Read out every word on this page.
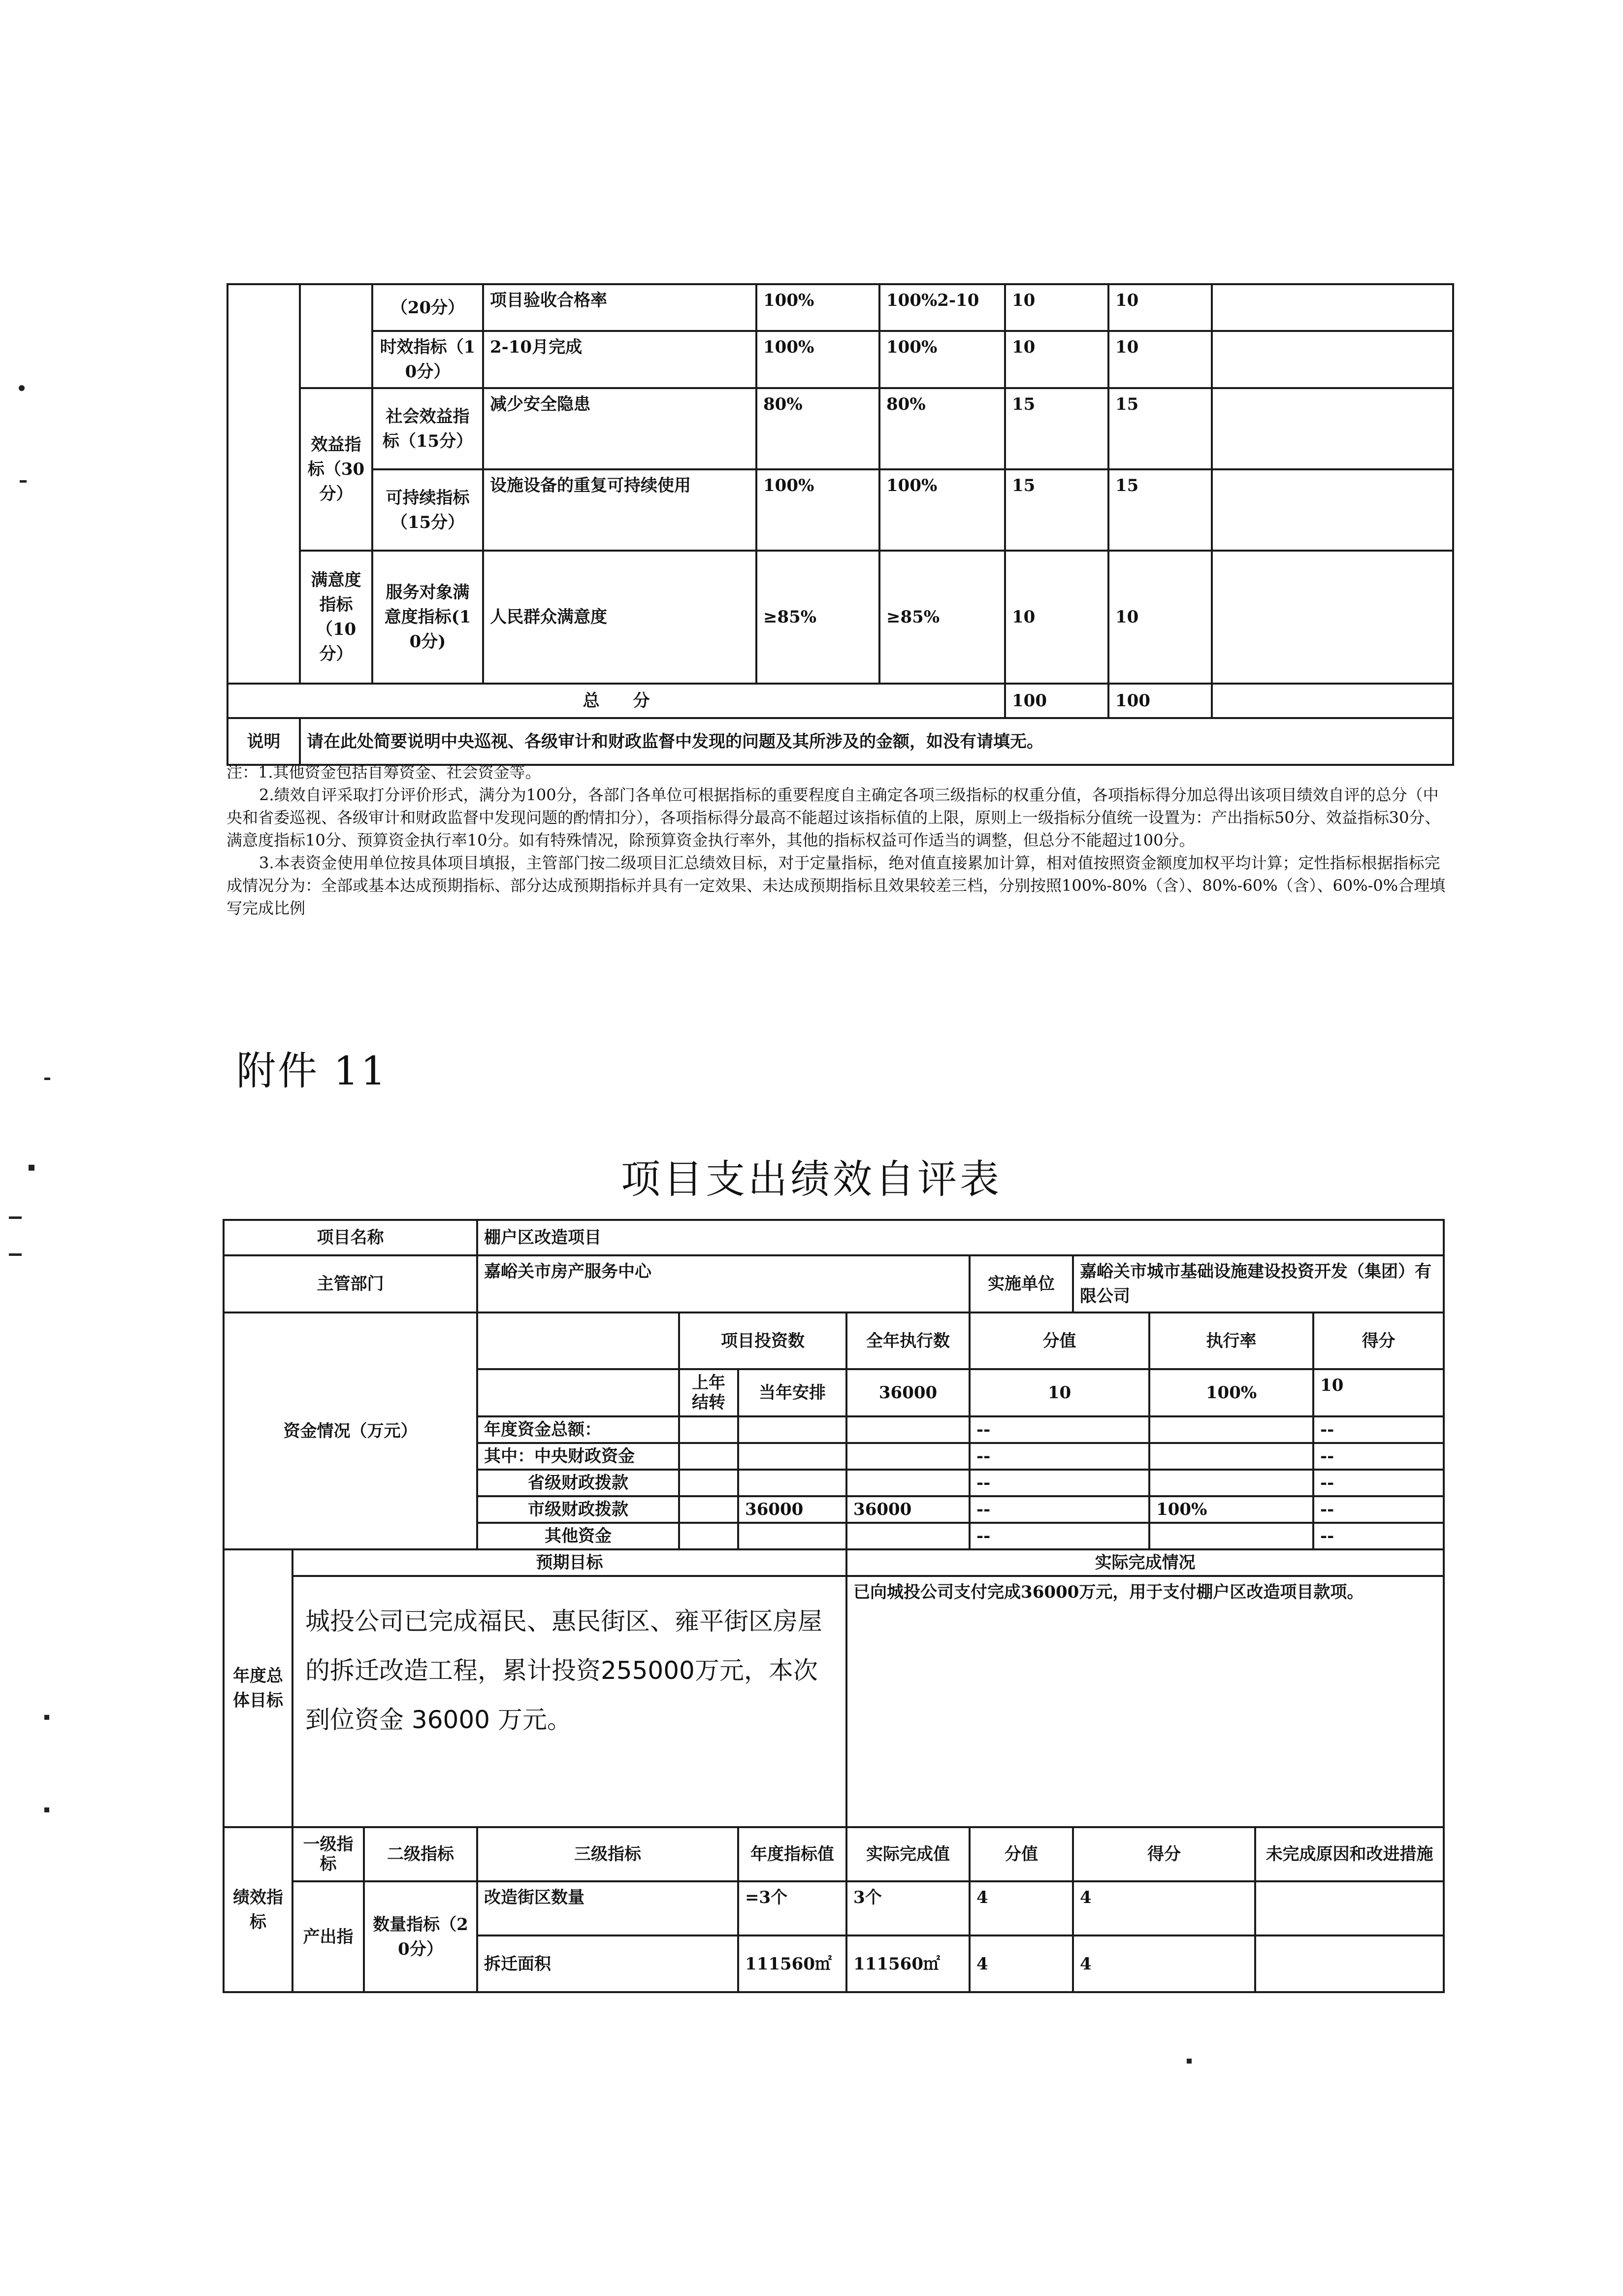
		（20分）	项目验收合格率	100%	100%2-10	10	10	
		时效指标（10分）	2-10月完成	100%	100%	10	10	
	效益指标（30分）	社会效益指标（15分）	减少安全隐患	80%	80%	15	15	
		可持续指标（15分）	设施设备的重复可持续使用	100%	100%	15	15	
	满意度指标（10分）	服务对象满意度指标(10分)	人民群众满意度	≥85%	≥85%	10	10	
总　　分						100	100	
说明	请在此处简要说明中央巡视、各级审计和财政监督中发现的问题及其所涉及的金额，如没有请填无。							

注：1.其他资金包括自筹资金、社会资金等。

2.绩效自评采取打分评价形式，满分为100分，各部门各单位可根据指标的重要程度自主确定各项三级指标的权重分值，各项指标得分加总得出该项目绩效自评的总分（中央和省委巡视、各级审计和财政监督中发现问题的酌情扣分），各项指标得分最高不能超过该指标值的上限，原则上一级指标分值统一设置为：产出指标50分、效益指标30分、满意度指标10分、预算资金执行率10分。如有特殊情况，除预算资金执行率外，其他的指标权益可作适当的调整，但总分不能超过100分。

3.本表资金使用单位按具体项目填报，主管部门按二级项目汇总绩效目标，对于定量指标，绝对值直接累加计算，相对值按照资金额度加权平均计算；定性指标根据指标完成情况分为：全部或基本达成预期指标、部分达成预期指标并具有一定效果、未达成预期指标且效果较差三档，分别按照100%-80%（含）、80%-60%（含）、60%-0%合理填写完成比例

附件 11
项目支出绩效自评表
项目名称			棚户区改造项目								
主管部门			嘉峪关市房产服务中心				实施单位	嘉峪关市城市基础设施建设投资开发（集团）有限公司			
资金情况（万元）				项目投资数		全年执行数	分值		执行率		得分
				上年结转	当年安排	36000	10		100%		10
			年度资金总额：				--				--
			其中：中央财政资金				--				--
			省级财政拨款				--				--
			市级财政拨款		36000	36000	--		100%		--
			其他资金				--				--
年度总体目标	预期目标					实际完成情况					
	城投公司已完成福民、惠民街区、雍平街区房屋的拆迁改造工程，累计投资255000万元，本次到位资金 36000 万元。					已向城投公司支付完成36000万元，用于支付棚户区改造项目款项。					
绩效指标	一级指标	二级指标	三级指标		年度指标值	实际完成值	分值	得分		未完成原因和改进措施	
	产出指	数量指标（20分）	改造街区数量		=3个	3个	4	4			
			拆迁面积		111560㎡	111560㎡	4	4			
